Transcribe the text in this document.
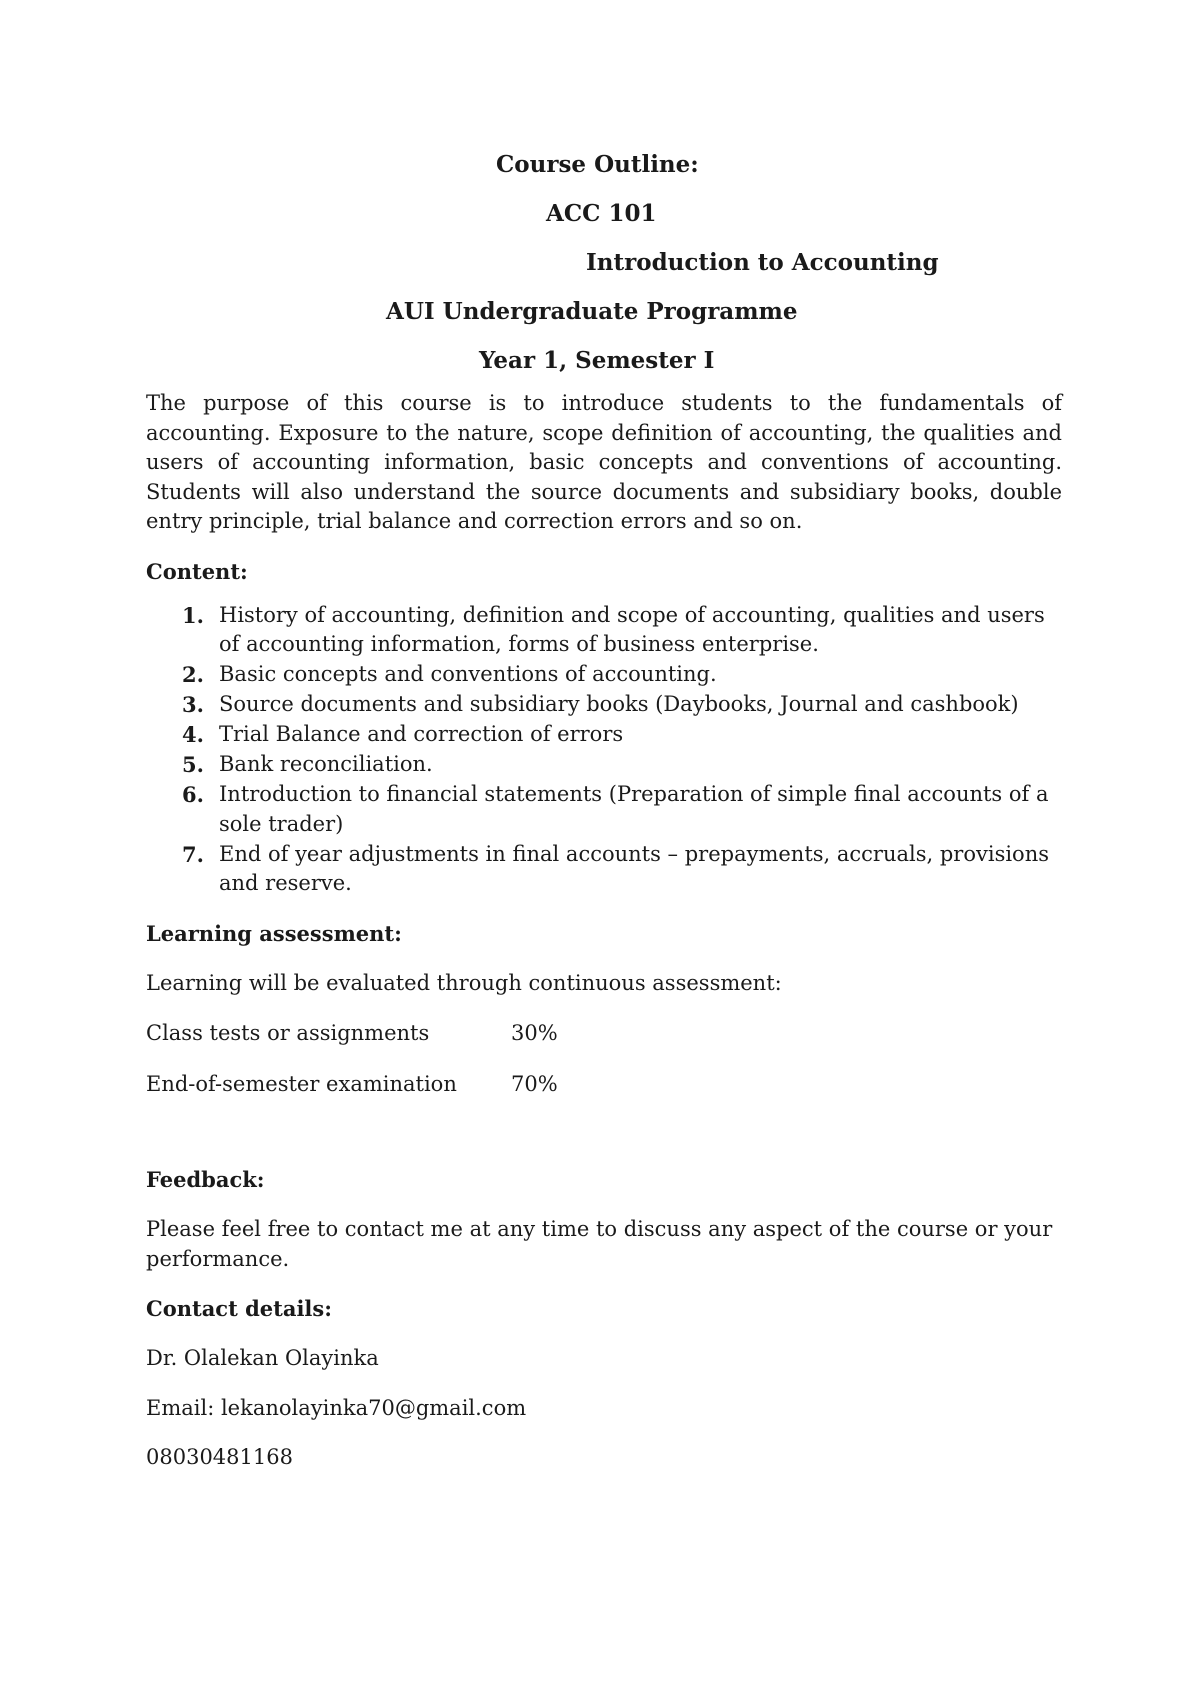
Course Outline:
ACC 101
Introduction to Accounting
AUI Undergraduate Programme
Year 1, Semester I

The purpose of this course is to introduce students to the fundamentals of accounting. Exposure to the nature, scope definition of accounting, the qualities and users of accounting information, basic concepts and conventions of accounting. Students will also understand the source documents and subsidiary books, double entry principle, trial balance and correction errors and so on.

Content:
1. History of accounting, definition and scope of accounting, qualities and users of accounting information, forms of business enterprise.
2. Basic concepts and conventions of accounting.
3. Source documents and subsidiary books (Daybooks, Journal and cashbook)
4. Trial Balance and correction of errors
5. Bank reconciliation.
6. Introduction to financial statements (Preparation of simple final accounts of a sole trader)
7. End of year adjustments in final accounts – prepayments, accruals, provisions and reserve.
Learning assessment:
Learning will be evaluated through continuous assessment:
Class tests or assignments	30%
End-of-semester examination	70%
Feedback:
Please feel free to contact me at any time to discuss any aspect of the course or your performance.
Contact details:
Dr. Olalekan Olayinka
Email: lekanolayinka70@gmail.com
08030481168
